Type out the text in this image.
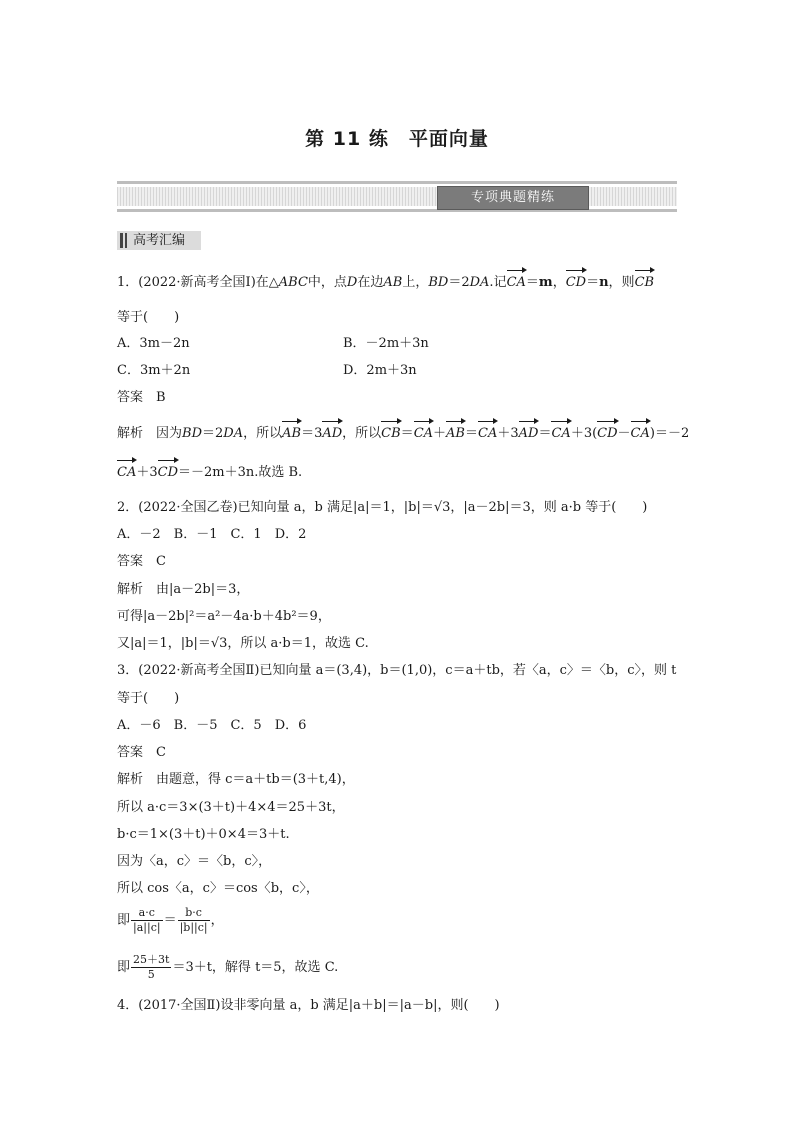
第 11 练　平面向量
专项典题精练
高考汇编
1．(2022·新高考全国Ⅰ)在△ABC中，点D在边AB上，BD＝2DA.记CA＝m，CD＝n，则CB
等于(　　)
A．3m－2n	B．－2m＋3n
C．3m＋2n	D．2m＋3n
答案　B
解析　因为BD＝2DA，所以AB＝3AD，所以CB＝CA＋AB＝CA＋3AD＝CA＋3(CD－CA)＝－2
CA＋3CD＝－2m＋3n.故选 B.
2．(2022·全国乙卷)已知向量 a，b 满足|a|＝1，|b|＝√3，|a－2b|＝3，则 a·b 等于(　　)
A．－2　B．－1　C．1　D．2
答案　C
解析　由|a－2b|＝3，
可得|a－2b|²＝a²－4a·b＋4b²＝9，
又|a|＝1，|b|＝√3，所以 a·b＝1，故选 C.
3．(2022·新高考全国Ⅱ)已知向量 a＝(3,4)，b＝(1,0)，c＝a＋tb，若〈a，c〉＝〈b，c〉，则 t
等于(　　)
A．－6　B．－5　C．5　D．6
答案　C
解析　由题意，得 c＝a＋tb＝(3＋t,4)，
所以 a·c＝3×(3＋t)＋4×4＝25＋3t，
b·c＝1×(3＋t)＋0×4＝3＋t.
因为〈a，c〉＝〈b，c〉，
所以 cos〈a，c〉＝cos〈b，c〉，
即 $\frac{a\cdot c}{|a||c|} = \frac{b\cdot c}{|b||c|}$ ，
即 $\frac{25+3t}{5} =3+t$，解得 t＝5，故选 C.
4．(2017·全国Ⅱ)设非零向量 a，b 满足|a＋b|＝|a－b|，则(　　)
